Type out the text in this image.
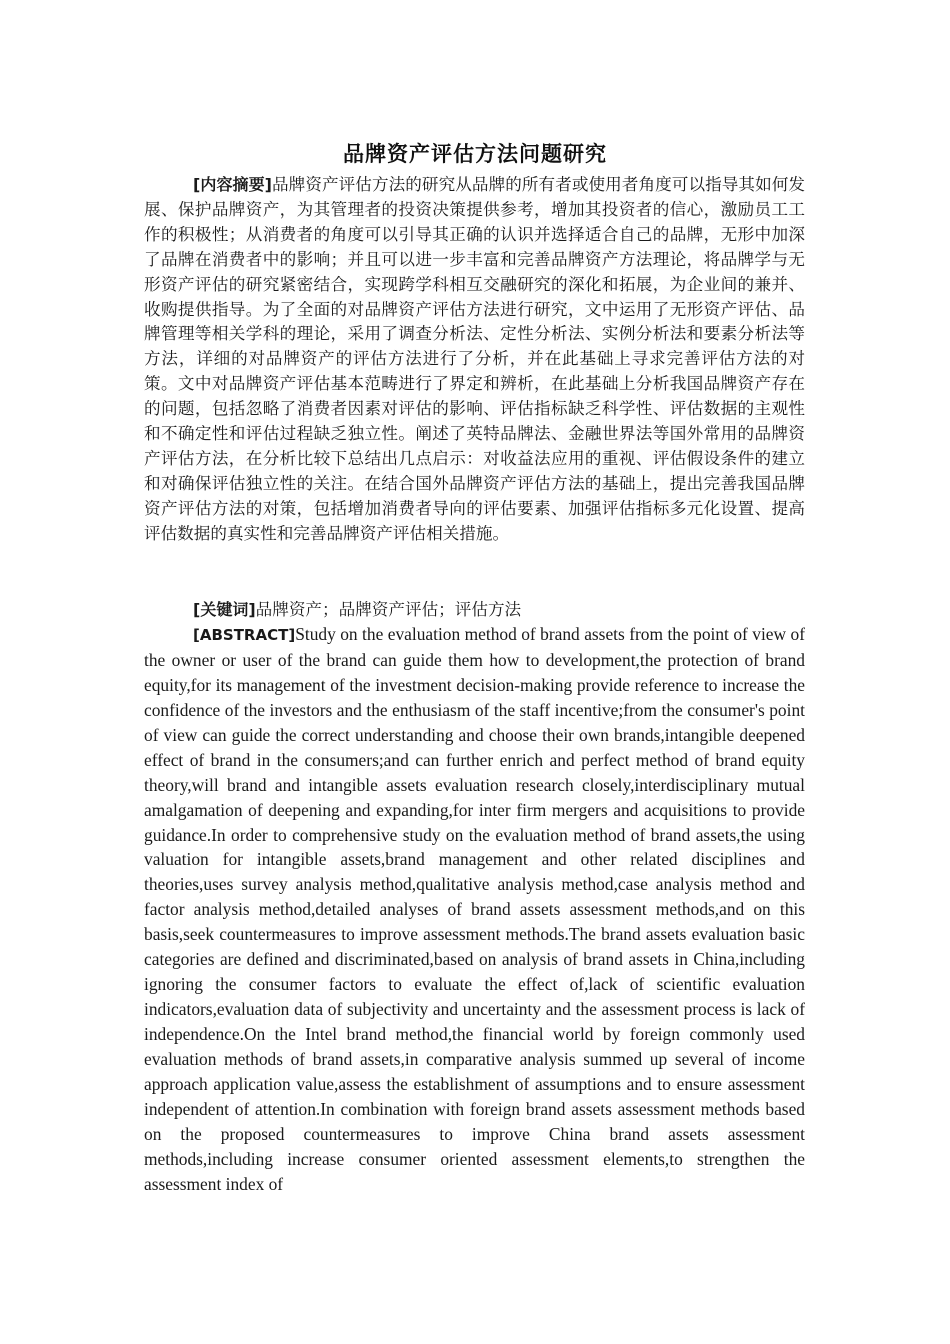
品牌资产评估方法问题研究
[内容摘要]品牌资产评估方法的研究从品牌的所有者或使用者角度可以指导其如何发展、保护品牌资产，为其管理者的投资决策提供参考，增加其投资者的信心，激励员工工作的积极性；从消费者的角度可以引导其正确的认识并选择适合自己的品牌，无形中加深了品牌在消费者中的影响；并且可以进一步丰富和完善品牌资产方法理论，将品牌学与无形资产评估的研究紧密结合，实现跨学科相互交融研究的深化和拓展，为企业间的兼并、收购提供指导。为了全面的对品牌资产评估方法进行研究，文中运用了无形资产评估、品牌管理等相关学科的理论，采用了调查分析法、定性分析法、实例分析法和要素分析法等方法，详细的对品牌资产的评估方法进行了分析，并在此基础上寻求完善评估方法的对策。文中对品牌资产评估基本范畴进行了界定和辨析，在此基础上分析我国品牌资产存在的问题，包括忽略了消费者因素对评估的影响、评估指标缺乏科学性、评估数据的主观性和不确定性和评估过程缺乏独立性。阐述了英特品牌法、金融世界法等国外常用的品牌资产评估方法，在分析比较下总结出几点启示：对收益法应用的重视、评估假设条件的建立和对确保评估独立性的关注。在结合国外品牌资产评估方法的基础上，提出完善我国品牌资产评估方法的对策，包括增加消费者导向的评估要素、加强评估指标多元化设置、提高评估数据的真实性和完善品牌资产评估相关措施。
[关键词]品牌资产；品牌资产评估；评估方法
[ABSTRACT]Study on the evaluation method of brand assets from the point of view of the owner or user of the brand can guide them how to development,the protection of brand equity,for its management of the investment decision-making provide reference to increase the confidence of the investors and the enthusiasm of the staff incentive;from the consumer's point of view can guide the correct understanding and choose their own brands,intangible deepened effect of brand in the consumers;and can further enrich and perfect method of brand equity theory,will brand and intangible assets evaluation research closely,interdisciplinary mutual amalgamation of deepening and expanding,for inter firm mergers and acquisitions to provide guidance.In order to comprehensive study on the evaluation method of brand assets,the using valuation for intangible assets,brand management and other related disciplines and theories,uses survey analysis method,qualitative analysis method,case analysis method and factor analysis method,detailed analyses of brand assets assessment methods,and on this basis,seek countermeasures to improve assessment methods.The brand assets evaluation basic categories are defined and discriminated,based on analysis of brand assets in China,including ignoring the consumer factors to evaluate the effect of,lack of scientific evaluation indicators,evaluation data of subjectivity and uncertainty and the assessment process is lack of independence.On the Intel brand method,the financial world by foreign commonly used evaluation methods of brand assets,in comparative analysis summed up several of income approach application value,assess the establishment of assumptions and to ensure assessment independent of attention.In combination with foreign brand assets assessment methods based on the proposed countermeasures to improve China brand assets assessment methods,including increase consumer oriented assessment elements,to strengthen the assessment index of
